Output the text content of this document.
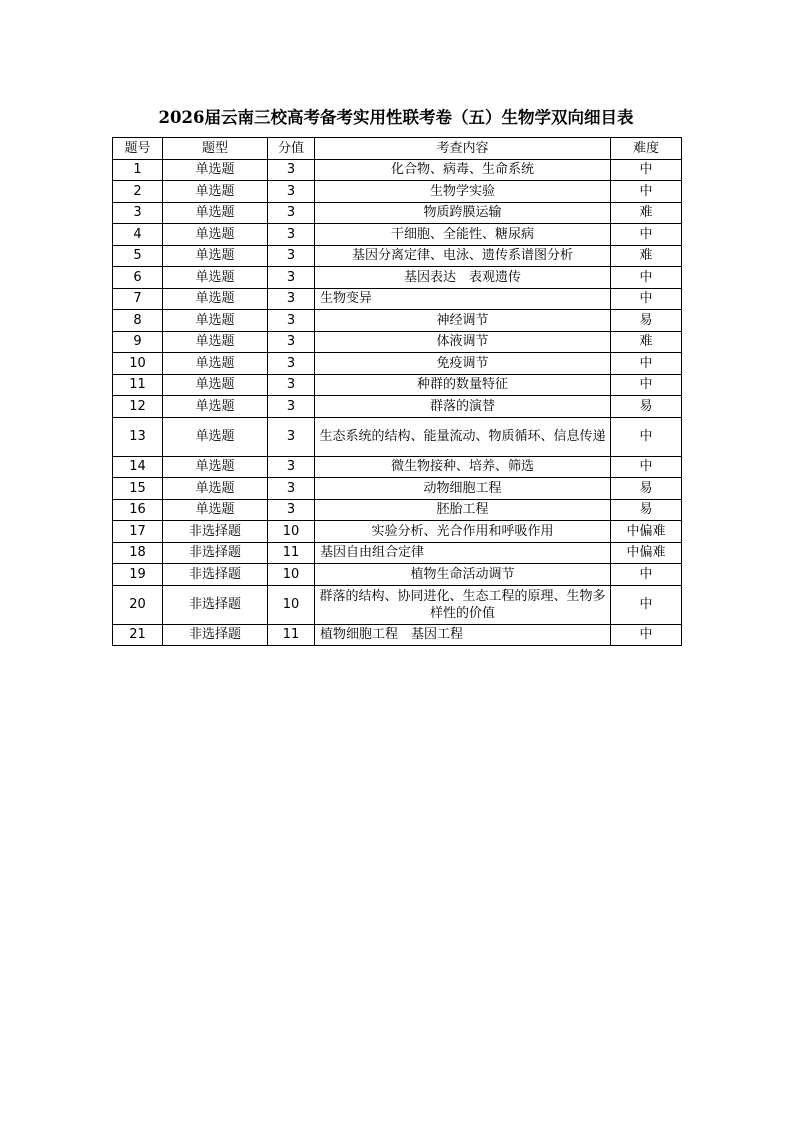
2026届云南三校高考备考实用性联考卷（五）生物学双向细目表
题号	题型	分值	考查内容	难度
1	单选题	3	化合物、病毒、生命系统	中
2	单选题	3	生物学实验	中
3	单选题	3	物质跨膜运输	难
4	单选题	3	干细胞、全能性、糖尿病	中
5	单选题	3	基因分离定律、电泳、遗传系谱图分析	难
6	单选题	3	基因表达　表观遗传	中
7	单选题	3	生物变异	中
8	单选题	3	神经调节	易
9	单选题	3	体液调节	难
10	单选题	3	免疫调节	中
11	单选题	3	种群的数量特征	中
12	单选题	3	群落的演替	易
13	单选题	3	生态系统的结构、能量流动、物质循环、信息传递	中
14	单选题	3	微生物接种、培养、筛选	中
15	单选题	3	动物细胞工程	易
16	单选题	3	胚胎工程	易
17	非选择题	10	实验分析、光合作用和呼吸作用	中偏难
18	非选择题	11	基因自由组合定律	中偏难
19	非选择题	10	植物生命活动调节	中
20	非选择题	10	群落的结构、协同进化、生态工程的原理、生物多样性的价值	中
21	非选择题	11	植物细胞工程　基因工程	中
